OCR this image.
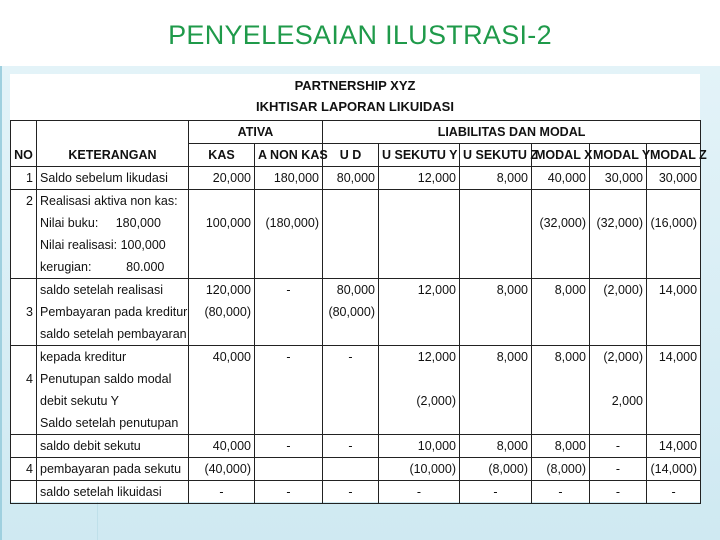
PENYELESAIAN ILUSTRASI-2
PARTNERSHIP XYZ
IKHTISAR LAPORAN LIKUIDASI
		ATIVA		LIABILITAS DAN MODAL					
NO	KETERANGAN	KAS	A NON KAS	U D	U SEKUTU Y	U SEKUTU Z	MODAL X	MODAL Y	MODAL Z
1	Saldo sebelum likudasi	20,000	180,000	80,000	12,000	8,000	40,000	30,000	30,000
2	Realisasi aktiva non kas:								
	Nilai buku:     180,000	100,000	(180,000)				(32,000)	(32,000)	(16,000)
	Nilai realisasi: 100,000								
	kerugian:          80.000								
	saldo setelah realisasi	120,000	-	80,000	12,000	8,000	8,000	(2,000)	14,000
3	Pembayaran pada kreditur	(80,000)		(80,000)					
	saldo setelah pembayaran								
	kepada kreditur	40,000	-	-	12,000	8,000	8,000	(2,000)	14,000
4	Penutupan saldo modal								
	debit sekutu Y				(2,000)			2,000	
	Saldo setelah penutupan								
	saldo debit sekutu	40,000	-	-	10,000	8,000	8,000	-	14,000
4	pembayaran pada sekutu	(40,000)			(10,000)	(8,000)	(8,000)	-	(14,000)
	saldo setelah likuidasi	-	-	-	-	-	-	-	-
